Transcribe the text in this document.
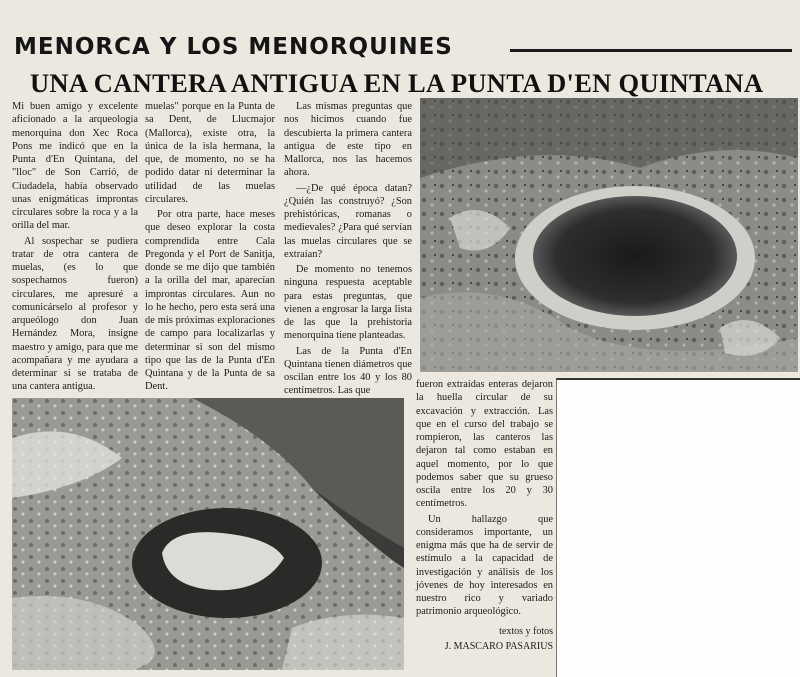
MENORCA Y LOS MENORQUINES
UNA CANTERA ANTIGUA EN LA PUNTA D'EN QUINTANA

Mi buen amigo y excelente aficionado a la arqueología menorquina don Xec Roca Pons me indicó que en la Punta d'En Quintana, del "lloc" de Son Carrió, de Ciudadela, había observado unas enigmáticas improntas circulares sobre la roca y a la orilla del mar.

Al sospechar se pudiera tratar de otra cantera de muelas, (es lo que sospechamos fueron) circulares, me apresuré a comunicárselo al profesor y arqueólogo don Juan Hernández Mora, insigne maestro y amigo, para que me acompañara y me ayudara a determinar si se trataba de una cantera antigua.

muelas" porque en la Punta de sa Dent, de Llucmajor (Mallorca), existe otra, la única de la isla hermana, la que, de momento, no se ha podido datar ni determinar la utilidad de las muelas circulares.

Por otra parte, hace meses que deseo explorar la costa comprendida entre Cala Pregonda y el Port de Sanitja, donde se me dijo que también a la orilla del mar, aparecían improntas circulares. Aun no lo he hecho, pero esta será una de mis próximas exploraciones de campo para localizarlas y determinar si son del mismo tipo que las de la Punta d'En Quintana y de la Punta de sa Dent.

Las mismas preguntas que nos hicimos cuando fue descubierta la primera cantera antigua de este tipo en Mallorca, nos las hacemos ahora.

—¿De qué época datan? ¿Quién las construyó? ¿Son prehistóricas, romanas o medievales? ¿Para qué servían las muelas circulares que se extraían?

De momento no tenemos ninguna respuesta aceptable para estas preguntas, que vienen a engrosar la larga lista de las que la prehistoria menorquina tiene planteadas.

Las de la Punta d'En Quintana tienen diámetros que oscilan entre los 40 y los 80 centímetros. Las que

fueron extraídas enteras dejaron la huella circular de su excavación y extracción. Las que en el curso del trabajo se rompieron, las canteros las dejaron tal como estaban en aquel momento, por lo que podemos saber que su grueso oscila entre los 20 y 30 centímetros.

Un hallazgo que consideramos importante, un enigma más que ha de servir de estímulo a la capacidad de investigación y análisis de los jóvenes de hoy interesados en nuestro rico y variado patrimonio arqueológico.

textos y fotos

J. MASCARO PASARIUS
